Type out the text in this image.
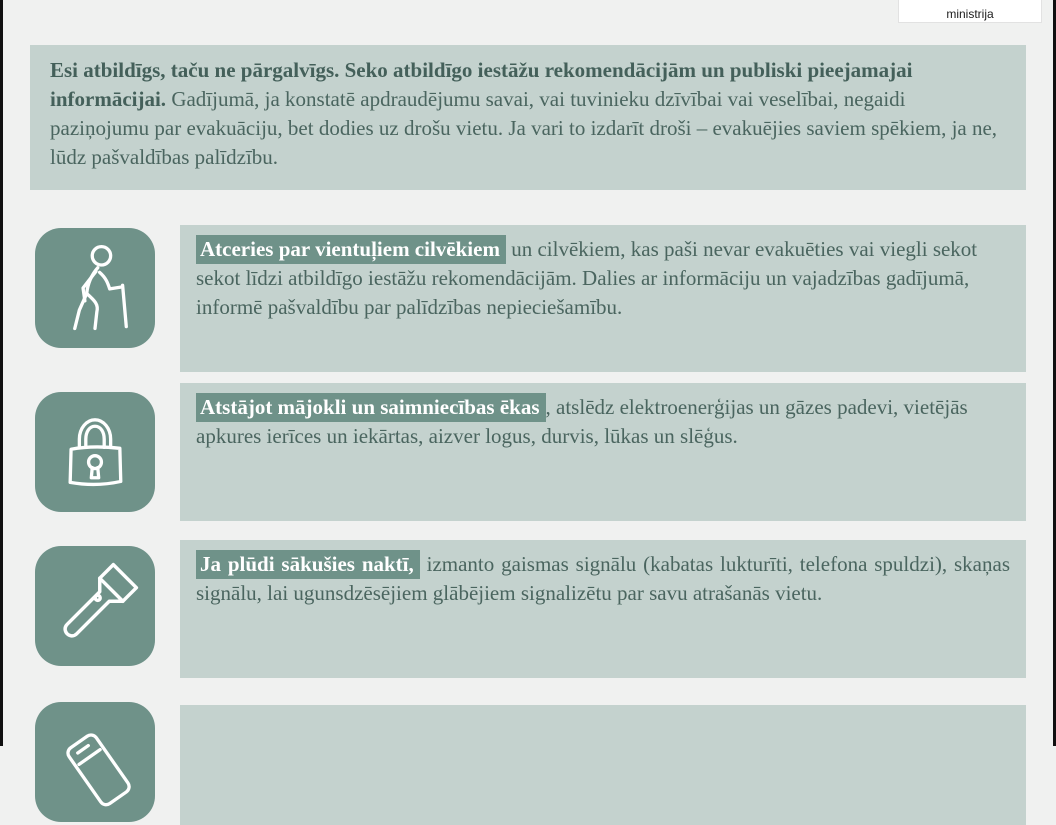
ministrija

Esi atbildīgs, taču ne pārgalvīgs. Seko atbildīgo iestāžu rekomendācijām un publiski pieejamajai informācijai. Gadījumā, ja konstatē apdraudējumu savai, vai tuvinieku dzīvībai vai veselībai, negaidi paziņojumu par evakuāciju, bet dodies uz drošu vietu. Ja vari to izdarīt droši – evakuējies saviem spēkiem, ja ne, lūdz pašvaldības palīdzību.

Atceries par vientuļiem cilvēkiem un cilvēkiem, kas paši nevar evakuēties vai viegli sekot sekot līdzi atbildīgo iestāžu rekomendācijām. Dalies ar informāciju un vajadzības gadījumā, informē pašvaldību par palīdzības nepieciešamību.

Atstājot mājokli un saimniecības ēkas , atslēdz elektroenerģijas un gāzes padevi, vietējās apkures ierīces un iekārtas, aizver logus, durvis, lūkas un slēģus.

Ja plūdi sākušies naktī, izmanto gaismas signālu (kabatas lukturīti, telefona spuldzi), skaņas signālu, lai ugunsdzēsējiem glābējiem signalizētu par savu atrašanās vietu.
